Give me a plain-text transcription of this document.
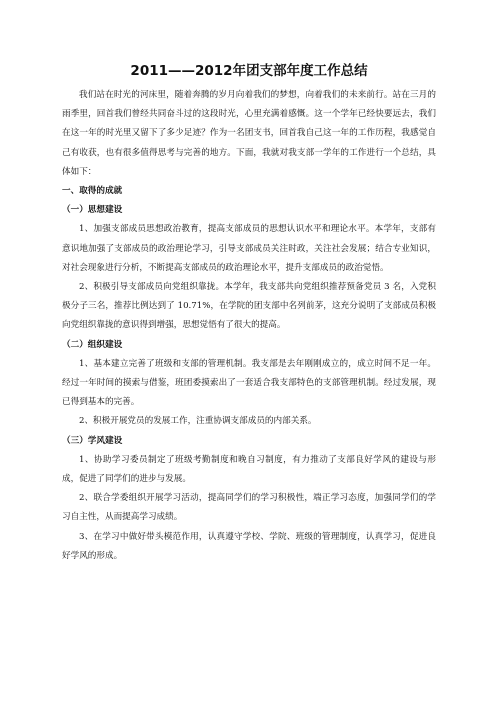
2011——2012年团支部年度工作总结

我们站在时光的河床里，随着奔腾的岁月向着我们的梦想，向着我们的未来前行。站在三月的雨季里，回首我们曾经共同奋斗过的这段时光，心里充满着感慨。这一个学年已经快要远去，我们在这一年的时光里又留下了多少足迹？作为一名团支书，回首我自己这一年的工作历程，我感觉自己有收获，也有很多值得思考与完善的地方。下面，我就对我支部一学年的工作进行一个总结，具体如下：

一、取得的成就
（一）思想建设

1、加强支部成员思想政治教育，提高支部成员的思想认识水平和理论水平。本学年，支部有意识地加强了支部成员的政治理论学习，引导支部成员关注时政，关注社会发展；结合专业知识，对社会现象进行分析，不断提高支部成员的政治理论水平，提升支部成员的政治觉悟。

2、积极引导支部成员向党组织靠拢。本学年，我支部共向党组织推荐预备党员 3 名，入党积极分子三名，推荐比例达到了 10.71%，在学院的团支部中名列前茅，这充分说明了支部成员积极向党组织靠拢的意识得到增强，思想觉悟有了很大的提高。

（二）组织建设

1、基本建立完善了班级和支部的管理机制。我支部是去年刚刚成立的，成立时间不足一年。经过一年时间的摸索与借鉴，班团委摸索出了一套适合我支部特色的支部管理机制。经过发展，现已得到基本的完善。

2、积极开展党员的发展工作，注重协调支部成员的内部关系。

（三）学风建设

1、协助学习委员制定了班级考勤制度和晚自习制度，有力推动了支部良好学风的建设与形成，促进了同学们的进步与发展。

2、联合学委组织开展学习活动，提高同学们的学习积极性，端正学习态度，加强同学们的学习自主性，从而提高学习成绩。

3、在学习中做好带头模范作用，认真遵守学校、学院、班级的管理制度，认真学习，促进良好学风的形成。
